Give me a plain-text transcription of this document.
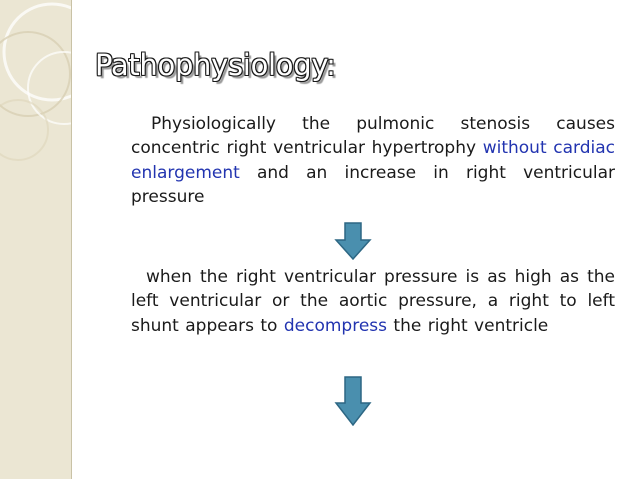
Pathophysiology:

Physiologically the pulmonic stenosis causes concentric right ventricular hypertrophy without cardiac enlargement and an increase in right ventricular pressure

when the right ventricular pressure is as high as the left ventricular or the aortic pressure, a right to left shunt appears to decompress the right ventricle
